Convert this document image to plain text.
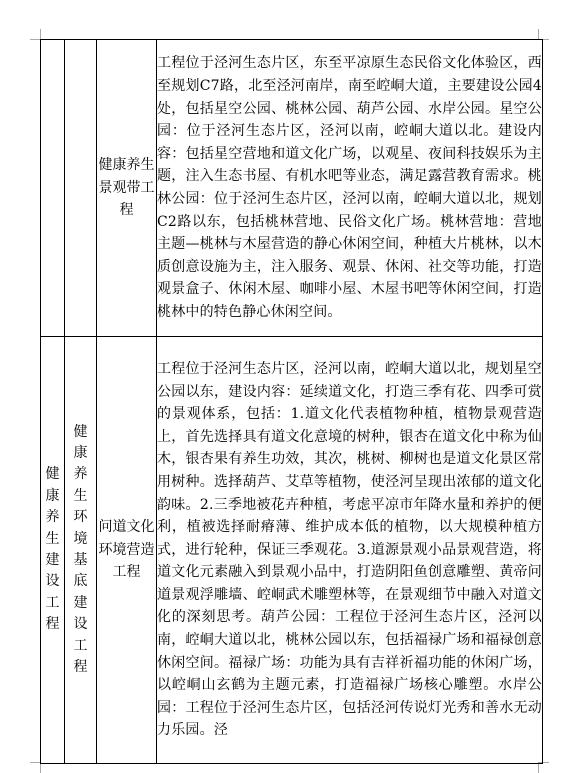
		健康养生景观带工程	工程位于泾河生态片区，东至平凉原生态民俗文化体验区，西至规划C7路，北至泾河南岸，南至崆峒大道，主要建设公园4处，包括星空公园、桃林公园、葫芦公园、水岸公园。星空公园：位于泾河生态片区，泾河以南，崆峒大道以北。建设内容：包括星空营地和道文化广场，以观星、夜间科技娱乐为主题，注入生态书屋、有机水吧等业态，满足露营教育需求。桃林公园：位于泾河生态片区，泾河以南，崆峒大道以北，规划C2路以东，包括桃林营地、民俗文化广场。桃林营地：营地主题—桃林与木屋营造的静心休闲空间，种植大片桃林，以木质创意设施为主，注入服务、观景、休闲、社交等功能，打造观景盒子、休闲木屋、咖啡小屋、木屋书吧等休闲空间，打造桃林中的特色静心休闲空间。

健康养生建设工程	健康养生环境基底建设工程	问道文化环境营造工程	工程位于泾河生态片区，泾河以南，崆峒大道以北，规划星空公园以东，建设内容：延续道文化，打造三季有花、四季可赏的景观体系，包括：1.道文化代表植物种植，植物景观营造上，首先选择具有道文化意境的树种，银杏在道文化中称为仙木，银杏果有养生功效，其次，桃树、柳树也是道文化景区常用树种。选择葫芦、艾草等植物，使泾河呈现出浓郁的道文化韵味。2.三季地被花卉种植，考虑平凉市年降水量和养护的便利，植被选择耐瘠薄、维护成本低的植物，以大规模种植方式，进行轮种，保证三季观花。3.道源景观小品景观营造，将道文化元素融入到景观小品中，打造阴阳鱼创意雕塑、黄帝问道景观浮雕墙、崆峒武术雕塑林等，在景观细节中融入对道文化的深刻思考。葫芦公园：工程位于泾河生态片区，泾河以南，崆峒大道以北，桃林公园以东，包括福禄广场和福禄创意休闲空间。福禄广场：功能为具有吉祥祈福功能的休闲广场，以崆峒山玄鹤为主题元素，打造福禄广场核心雕塑。水岸公园：工程位于泾河生态片区，包括泾河传说灯光秀和善水无动力乐园。泾
